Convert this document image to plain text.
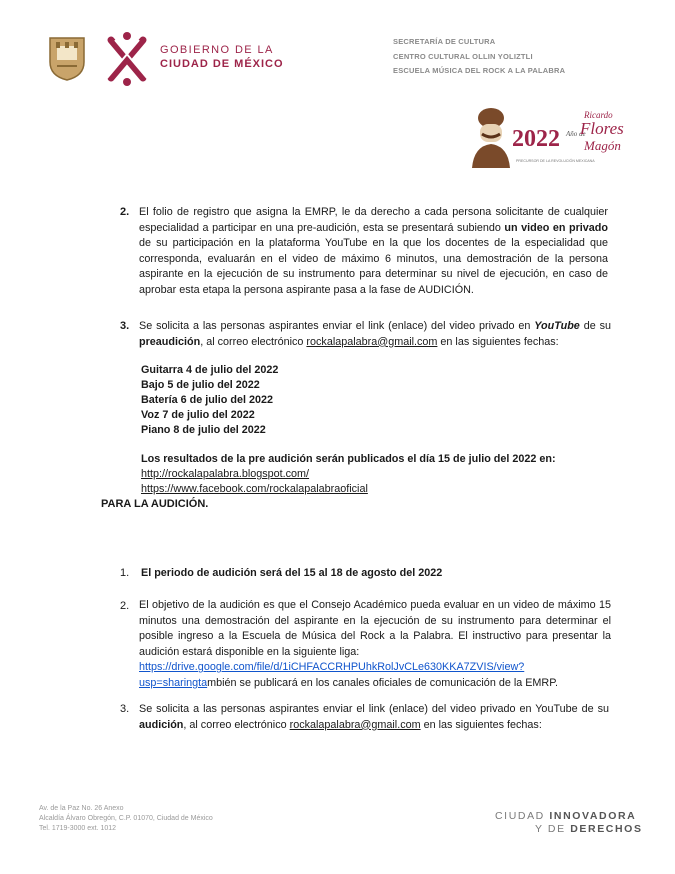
GOBIERNO DE LA
CIUDAD DE MÉXICO
SECRETARÍA DE CULTURA
CENTRO CULTURAL OLLIN YOLIZTLI
ESCUELA MÚSICA DEL ROCK A LA PALABRA
2022 Año de
Ricardo
Flores
Magón
PRECURSOR DE LA REVOLUCIÓN MEXICANA
2. El folio de registro que asigna la EMRP, le da derecho a cada persona solicitante de cualquier especialidad a participar en una pre-audición, esta se presentará subiendo un video en privado de su participación en la plataforma YouTube en la que los docentes de la especialidad que corresponda, evaluarán en el video de máximo 6 minutos, una demostración de la persona aspirante en la ejecución de su instrumento para determinar su nivel de ejecución, en caso de aprobar esta etapa la persona aspirante pasa a la fase de AUDICIÓN.
3. Se solicita a las personas aspirantes enviar el link (enlace) del video privado en YouTube de su preaudición, al correo electrónico rockalapalabra@gmail.com en las siguientes fechas:
Guitarra 4 de julio del 2022
Bajo 5 de julio del 2022
Batería 6 de julio del 2022
Voz 7 de julio del 2022
Piano 8 de julio del 2022
Los resultados de la pre audición serán publicados el día 15 de julio del 2022 en:
http://rockalapalabra.blogspot.com/
https://www.facebook.com/rockalapalabraoficial
PARA LA AUDICIÓN.
1. El periodo de audición será del 15 al 18 de agosto del 2022
2. El objetivo de la audición es que el Consejo Académico pueda evaluar en un video de máximo 15 minutos una demostración del aspirante en la ejecución de su instrumento para determinar el posible ingreso a la Escuela de Música del Rock a la Palabra. El instructivo para presentar la audición estará disponible en la siguiente liga:
https://drive.google.com/file/d/1iCHFACCRHPUhkRolJvCLe630KKA7ZVIS/view?usp=sharingtambién se publicará en los canales oficiales de comunicación de la EMRP.
3. Se solicita a las personas aspirantes enviar el link (enlace) del video privado en YouTube de su audición, al correo electrónico rockalapalabra@gmail.com en las siguientes fechas:
Av. de la Paz No. 26 Anexo
Alcaldía Álvaro Obregón, C.P. 01070, Ciudad de México
Tel. 1719-3000 ext. 1012
CIUDAD INNOVADORA
Y DE DERECHOS
